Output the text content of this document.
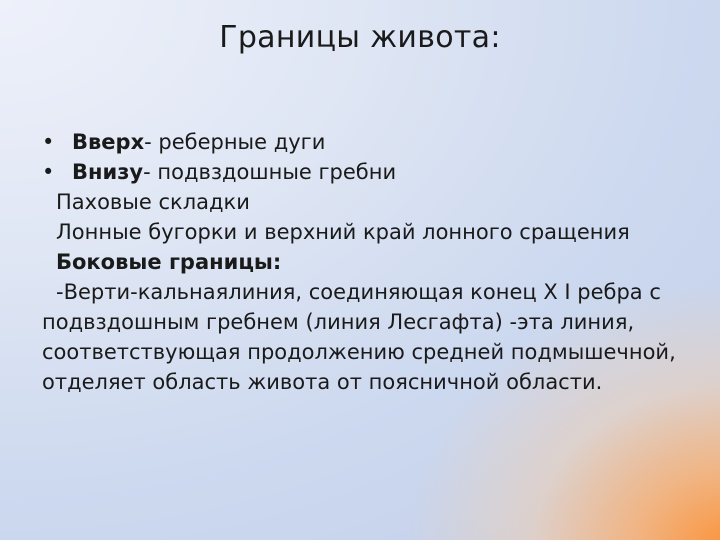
Границы живота:
• Вверх- реберные дуги
• Внизу- подвздошные гребни
Паховые складки
Лонные бугорки и верхний край лонного сращения
Боковые границы:
-Верти-кальнаялиния, соединяющая конец X I ребра с подвздошным гребнем (линия Лесгафта) -эта линия, соответствующая продолжению средней подмышечной, отделяет область живота от поясничной области.
